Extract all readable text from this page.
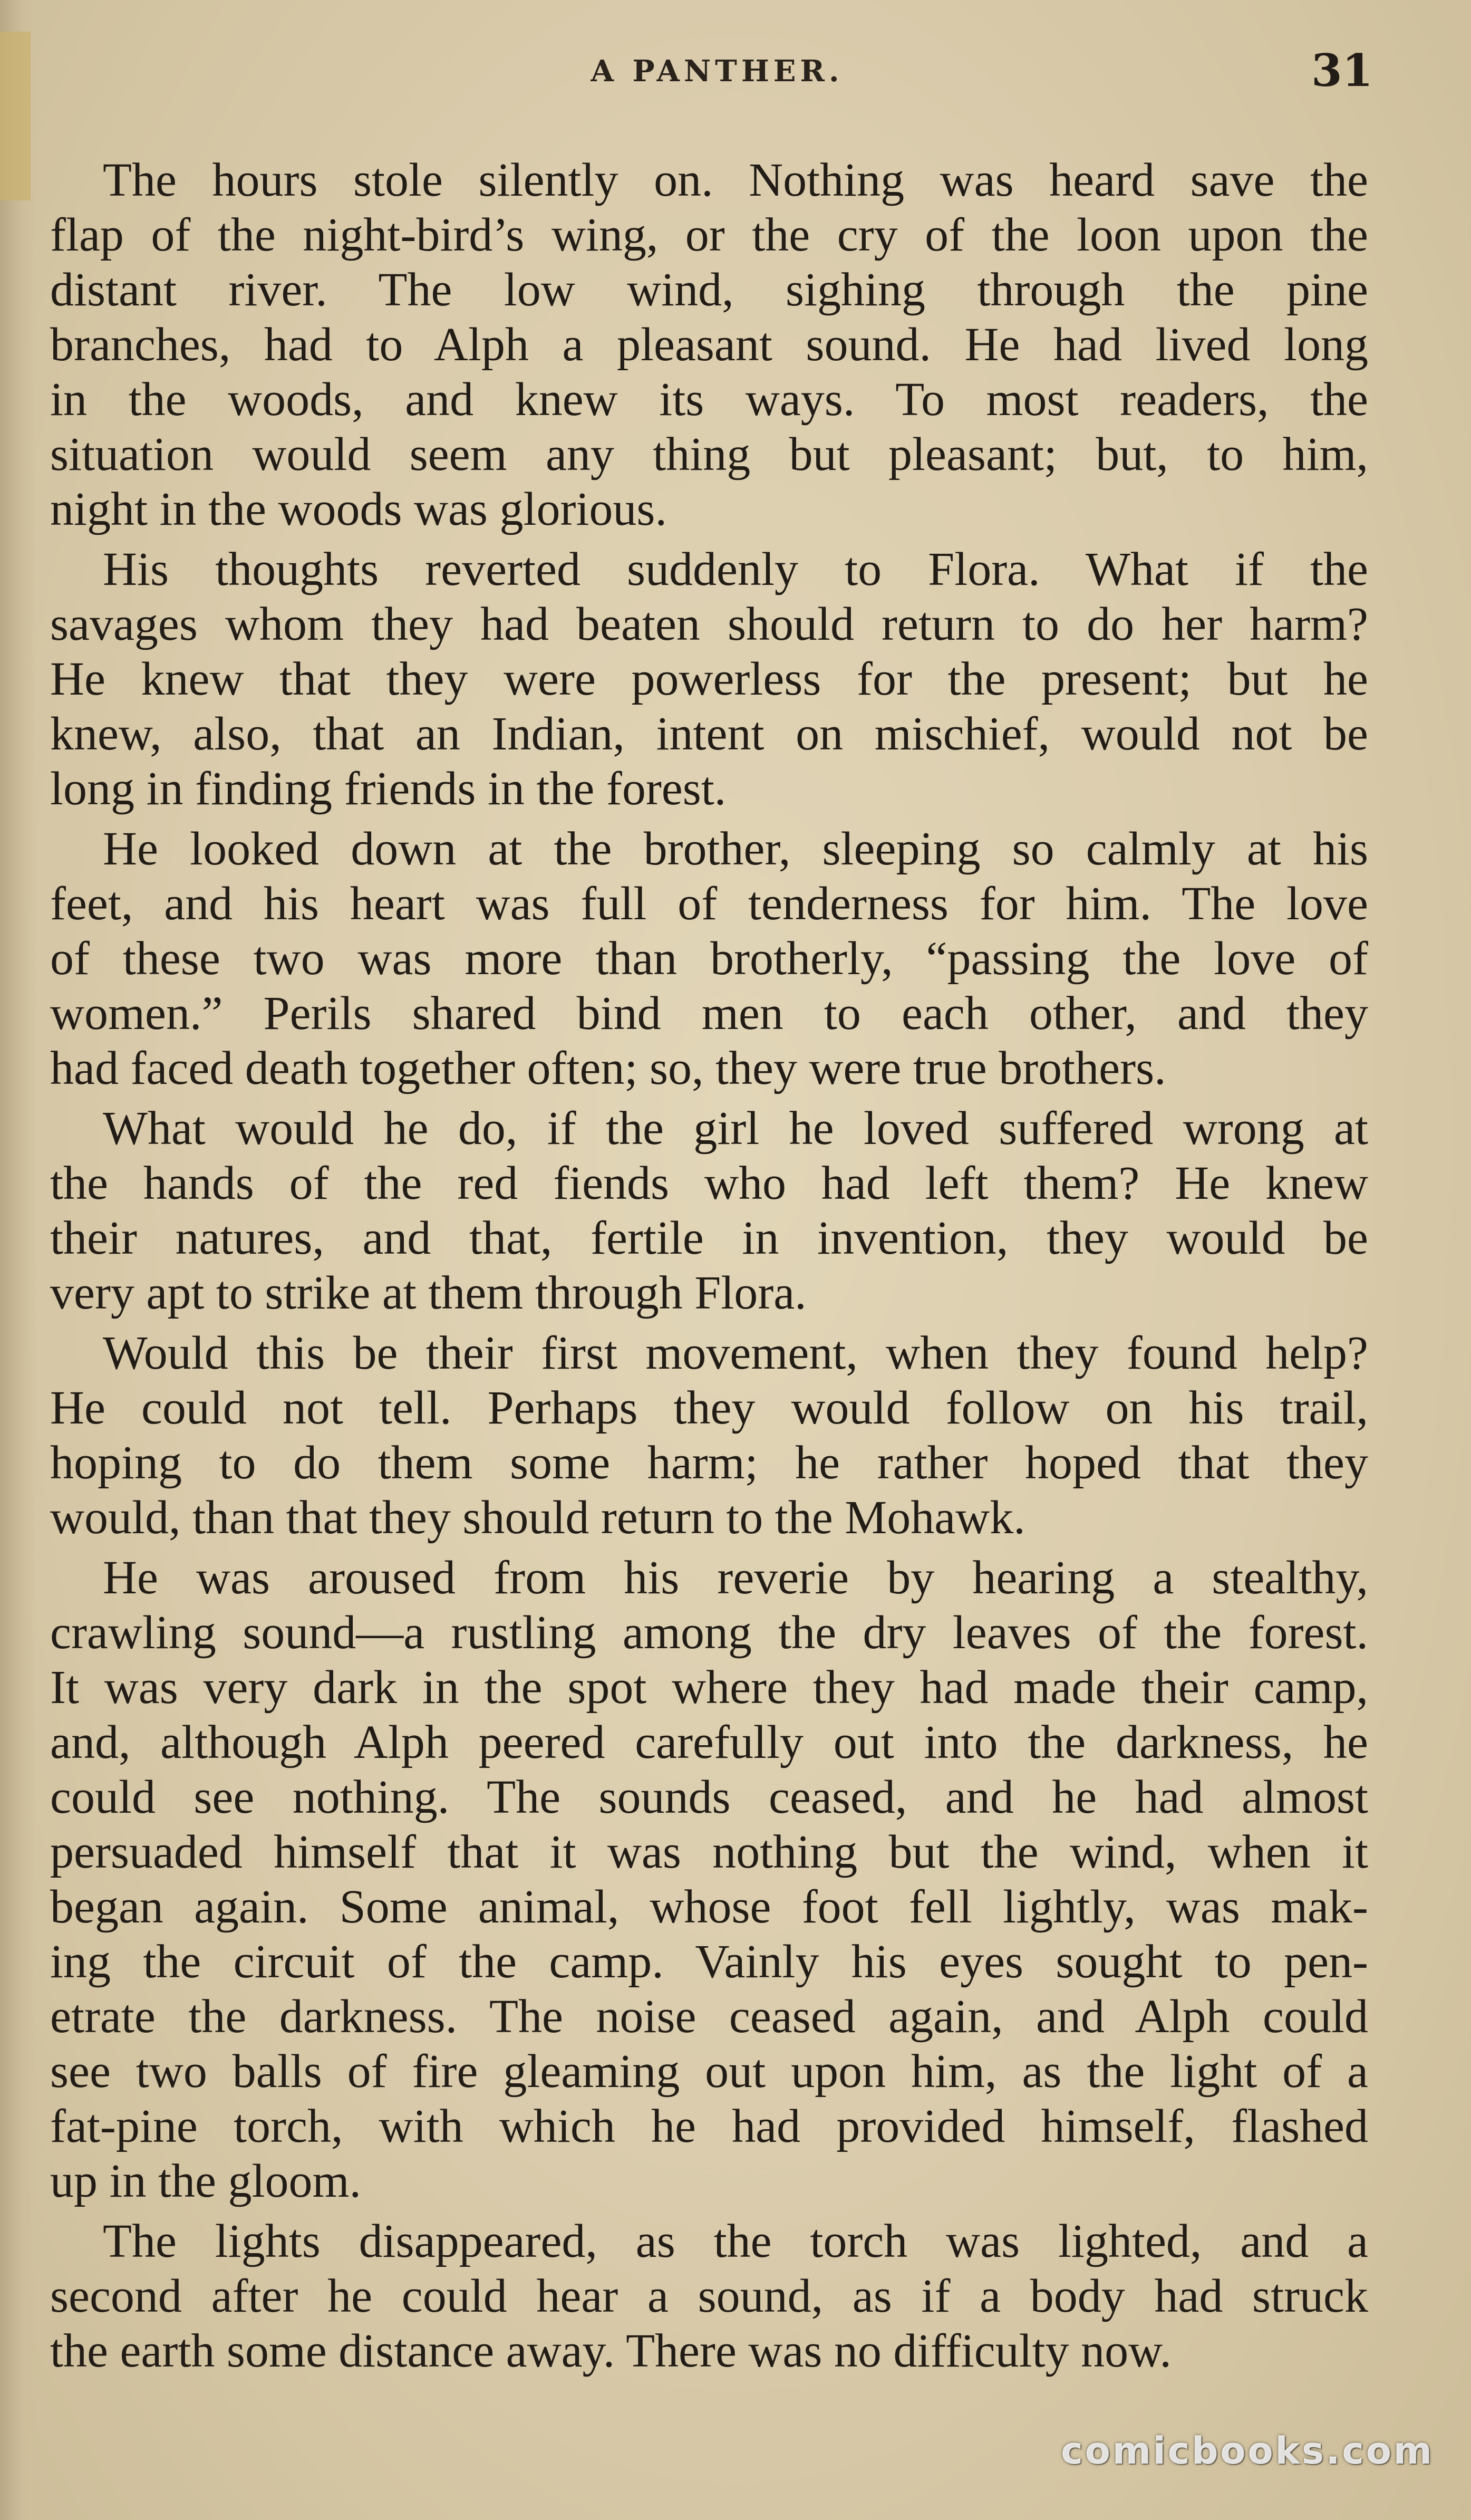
A PANTHER.	31
The hours stole silently on. Nothing was heard save the
flap of the night-bird’s wing, or the cry of the loon upon the
distant river. The low wind, sighing through the pine
branches, had to Alph a pleasant sound. He had lived long
in the woods, and knew its ways. To most readers, the
situation would seem any thing but pleasant; but, to him,
night in the woods was glorious.
His thoughts reverted suddenly to Flora. What if the
savages whom they had beaten should return to do her harm?
He knew that they were powerless for the present; but he
knew, also, that an Indian, intent on mischief, would not be
long in finding friends in the forest.
He looked down at the brother, sleeping so calmly at his
feet, and his heart was full of tenderness for him. The love
of these two was more than brotherly, “passing the love of
women.” Perils shared bind men to each other, and they
had faced death together often; so, they were true brothers.
What would he do, if the girl he loved suffered wrong at
the hands of the red fiends who had left them? He knew
their natures, and that, fertile in invention, they would be
very apt to strike at them through Flora.
Would this be their first movement, when they found help?
He could not tell. Perhaps they would follow on his trail,
hoping to do them some harm; he rather hoped that they
would, than that they should return to the Mohawk.
He was aroused from his reverie by hearing a stealthy,
crawling sound—a rustling among the dry leaves of the forest.
It was very dark in the spot where they had made their camp,
and, although Alph peered carefully out into the darkness, he
could see nothing. The sounds ceased, and he had almost
persuaded himself that it was nothing but the wind, when it
began again. Some animal, whose foot fell lightly, was mak-
ing the circuit of the camp. Vainly his eyes sought to pen-
etrate the darkness. The noise ceased again, and Alph could
see two balls of fire gleaming out upon him, as the light of a
fat-pine torch, with which he had provided himself, flashed
up in the gloom.
The lights disappeared, as the torch was lighted, and a
second after he could hear a sound, as if a body had struck
the earth some distance away. There was no difficulty now.
comicbooks.com
